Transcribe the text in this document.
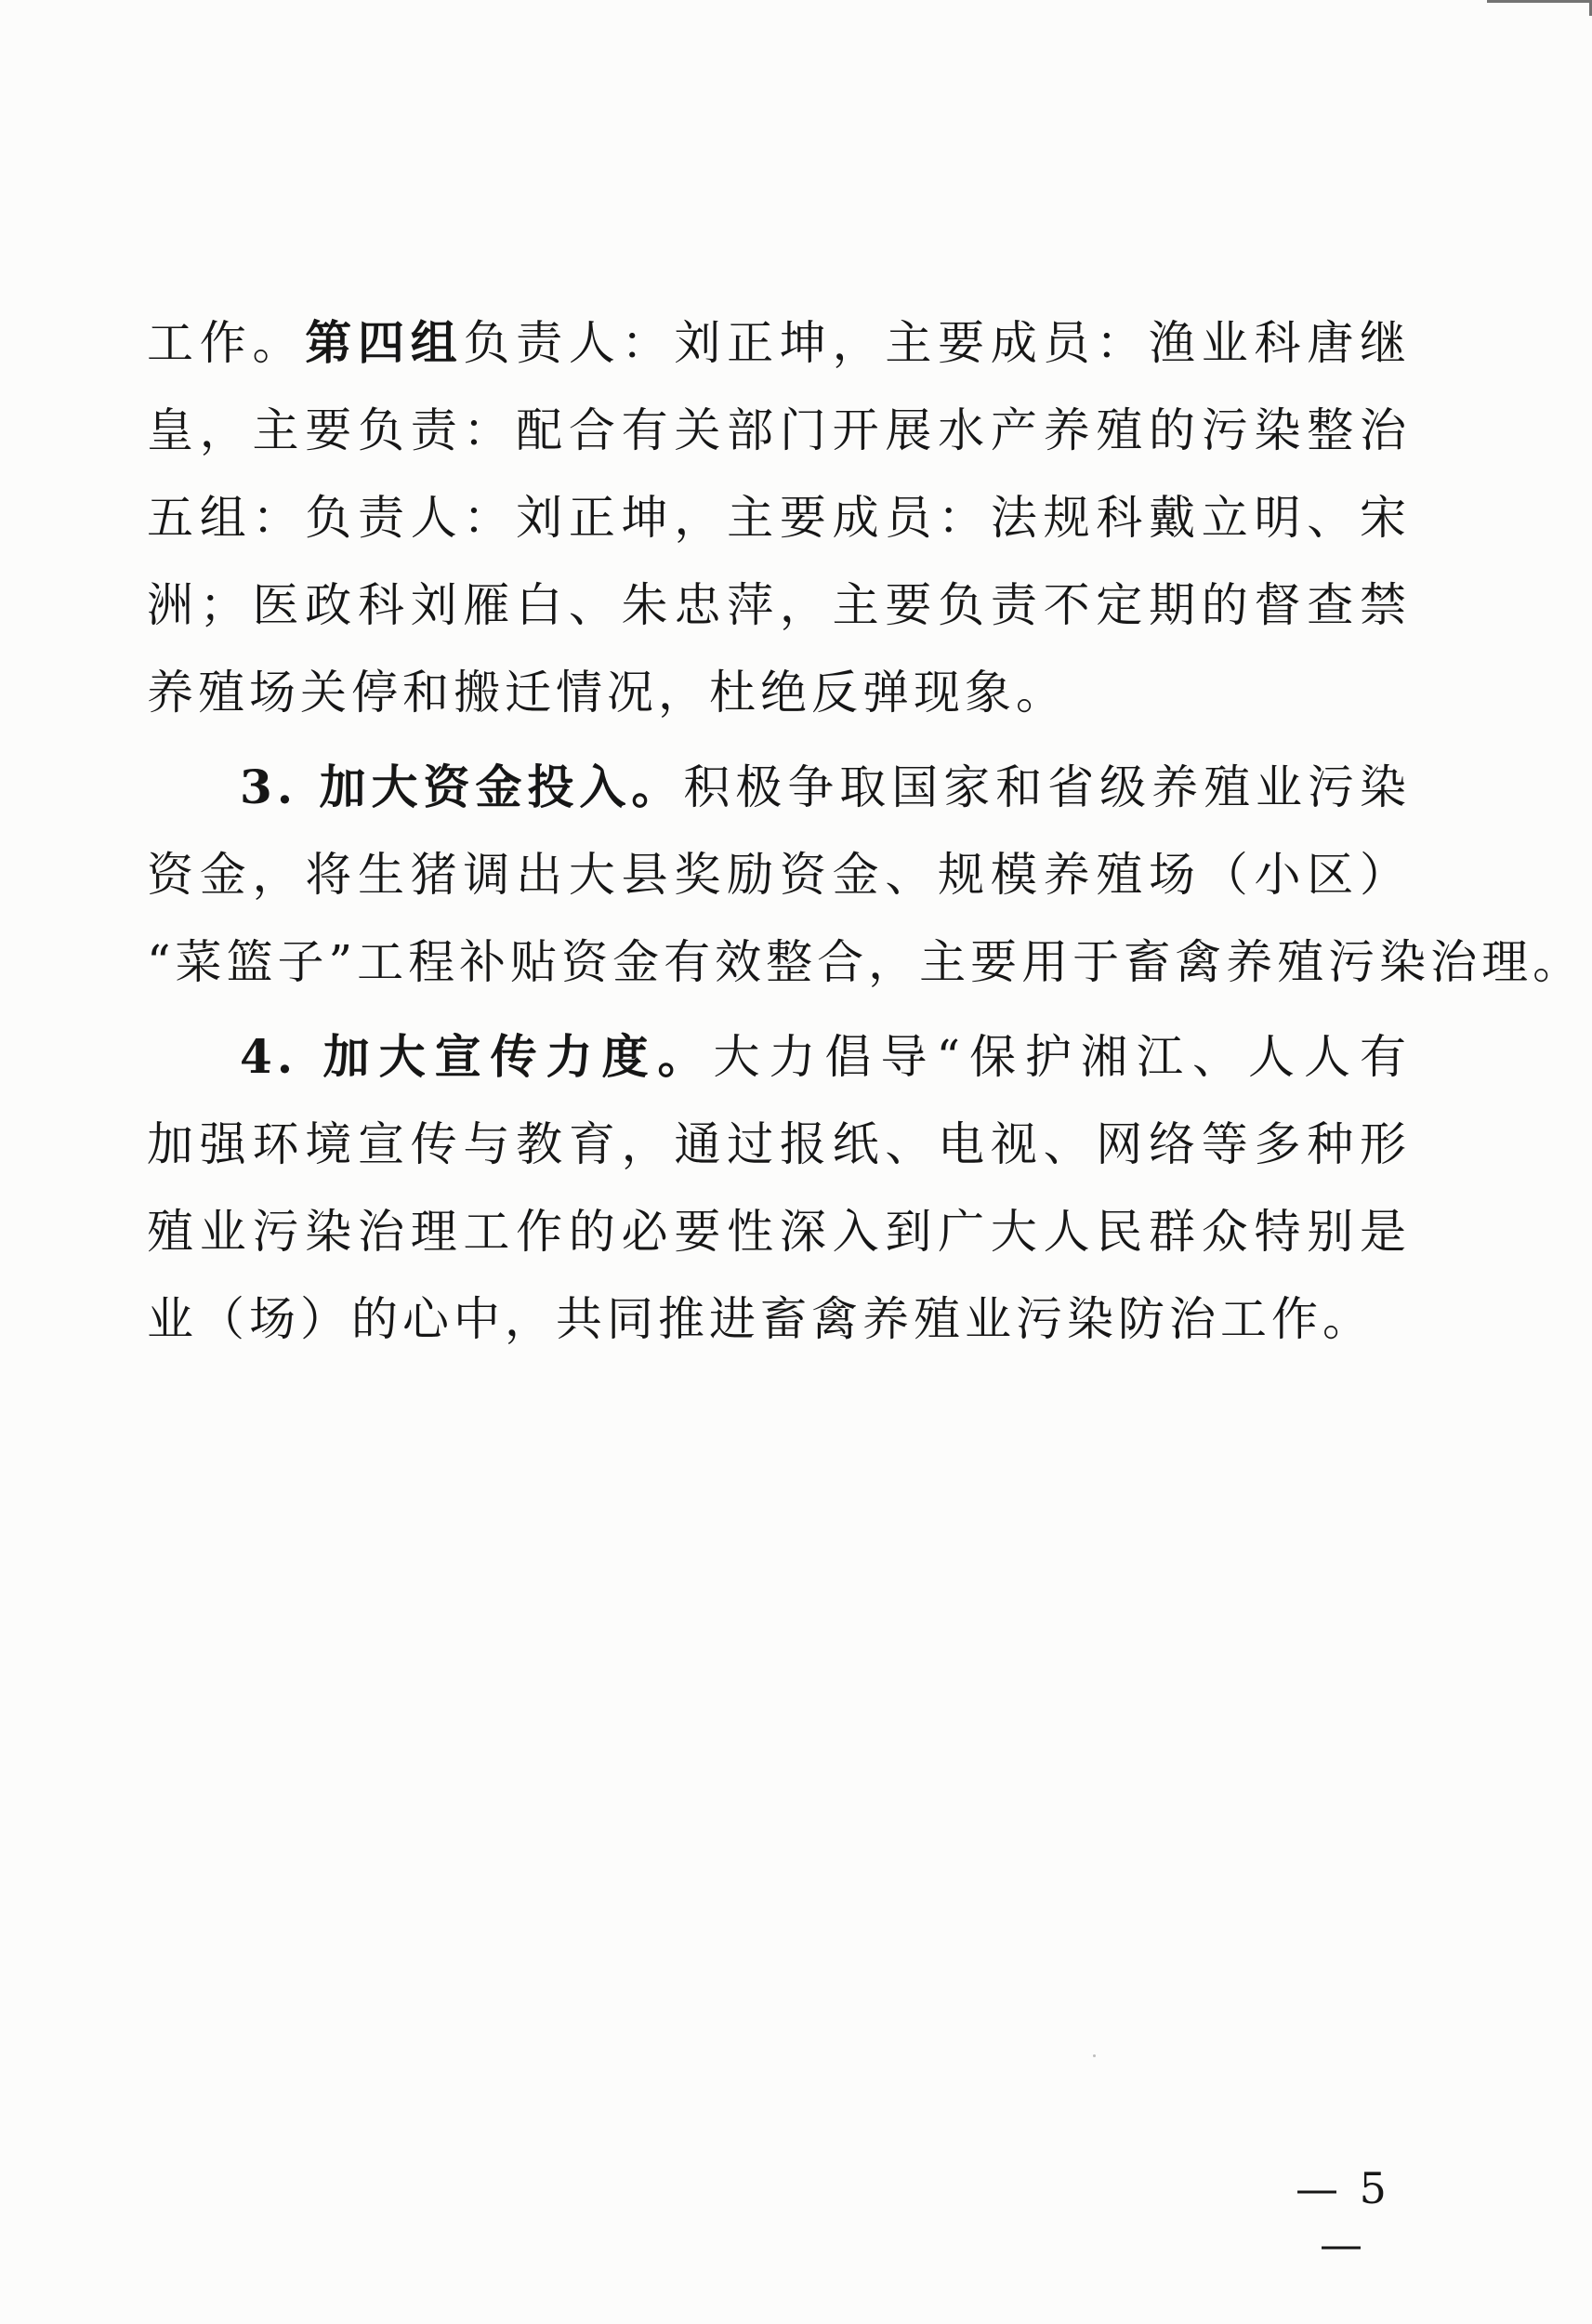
工作。第四组负责人：刘正坤，主要成员：渔业科唐继
皇，主要负责：配合有关部门开展水产养殖的污染整治
五组：负责人：刘正坤，主要成员：法规科戴立明、宋
洲；医政科刘雁白、朱忠萍，主要负责不定期的督查禁
养殖场关停和搬迁情况，杜绝反弹现象。
3. 加大资金投入。积极争取国家和省级养殖业污染
资金，将生猪调出大县奖励资金、规模养殖场（小区）
“菜篮子”工程补贴资金有效整合，主要用于畜禽养殖污染治理。
4. 加大宣传力度。大力倡导“保护湘江、人人有
加强环境宣传与教育，通过报纸、电视、网络等多种形
殖业污染治理工作的必要性深入到广大人民群众特别是
业（场）的心中，共同推进畜禽养殖业污染防治工作。
— 5 —
